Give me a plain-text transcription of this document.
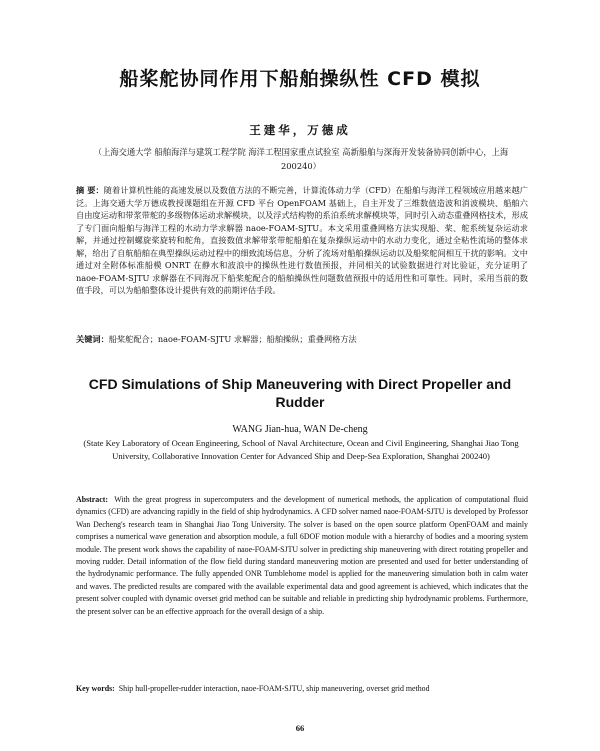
船桨舵协同作用下船舶操纵性 CFD 模拟
王建华，万德成
（上海交通大学 船舶海洋与建筑工程学院 海洋工程国家重点试验室 高新船舶与深海开发装备协同创新中心，上海 200240）
摘 要：随着计算机性能的高速发展以及数值方法的不断完善，计算流体动力学（CFD）在船舶与海洋工程领域应用越来越广泛。上海交通大学万德成教授课题组在开源 CFD 平台 OpenFOAM 基础上，自主开发了三维数值造波和消波模块、船舶六自由度运动和带浆带舵的多级物体运动求解模块，以及浮式结构物的系泊系统求解模块等，同时引入动态重叠网格技术，形成了专门面向船舶与海洋工程的水动力学求解器 naoe-FOAM-SJTU。本文采用重叠网格方法实现船、桨、舵系统复杂运动求解，并通过控制螺旋桨旋转和舵角，直接数值求解带浆带舵船舶在复杂操纵运动中的水动力变化，通过全粘性流场的整体求解，给出了自航船舶在典型操纵运动过程中的细致流场信息，分析了流场对船舶操纵运动以及船桨舵间相互干扰的影响。文中通过对全附体标准船模 ONRT 在静水和波浪中的操纵性进行数值预报，并同相关的试验数据进行对比验证，充分证明了 naoe-FOAM-SJTU 求解器在不同海况下船桨舵配合的船舶操纵性问题数值预报中的适用性和可靠性。同时，采用当前的数值手段，可以为船舶整体设计提供有效的前期评估手段。
关键词：船桨舵配合；naoe-FOAM-SJTU 求解器；船舶操纵；重叠网格方法
CFD Simulations of Ship Maneuvering with Direct Propeller and Rudder
WANG Jian-hua, WAN De-cheng
(State Key Laboratory of Ocean Engineering, School of Naval Architecture, Ocean and Civil Engineering, Shanghai Jiao Tong University, Collaborative Innovation Center for Advanced Ship and Deep-Sea Exploration, Shanghai 200240)
Abstract: With the great progress in supercomputers and the development of numerical methods, the application of computational fluid dynamics (CFD) are advancing rapidly in the field of ship hydrodynamics. A CFD solver named naoe-FOAM-SJTU is developed by Professor Wan Decheng's research team in Shanghai Jiao Tong University. The solver is based on the open source platform OpenFOAM and mainly comprises a numerical wave generation and absorption module, a full 6DOF motion module with a hierarchy of bodies and a mooring system module. The present work shows the capability of naoe-FOAM-SJTU solver in predicting ship maneuvering with direct rotating propeller and moving rudder. Detail information of the flow field during standard maneuvering motion are presented and used for better understanding of the hydrodynamic performance. The fully appended ONR Tumblehome model is applied for the maneuvering simulation both in calm water and waves. The predicted results are compared with the available experimental data and good agreement is achieved, which indicates that the present solver coupled with dynamic overset grid method can be suitable and reliable in predicting ship hydrodynamic problems. Furthermore, the present solver can be an effective approach for the overall design of a ship.
Key words: Ship hull-propeller-rudder interaction, naoe-FOAM-SJTU, ship maneuvering, overset grid method
66
